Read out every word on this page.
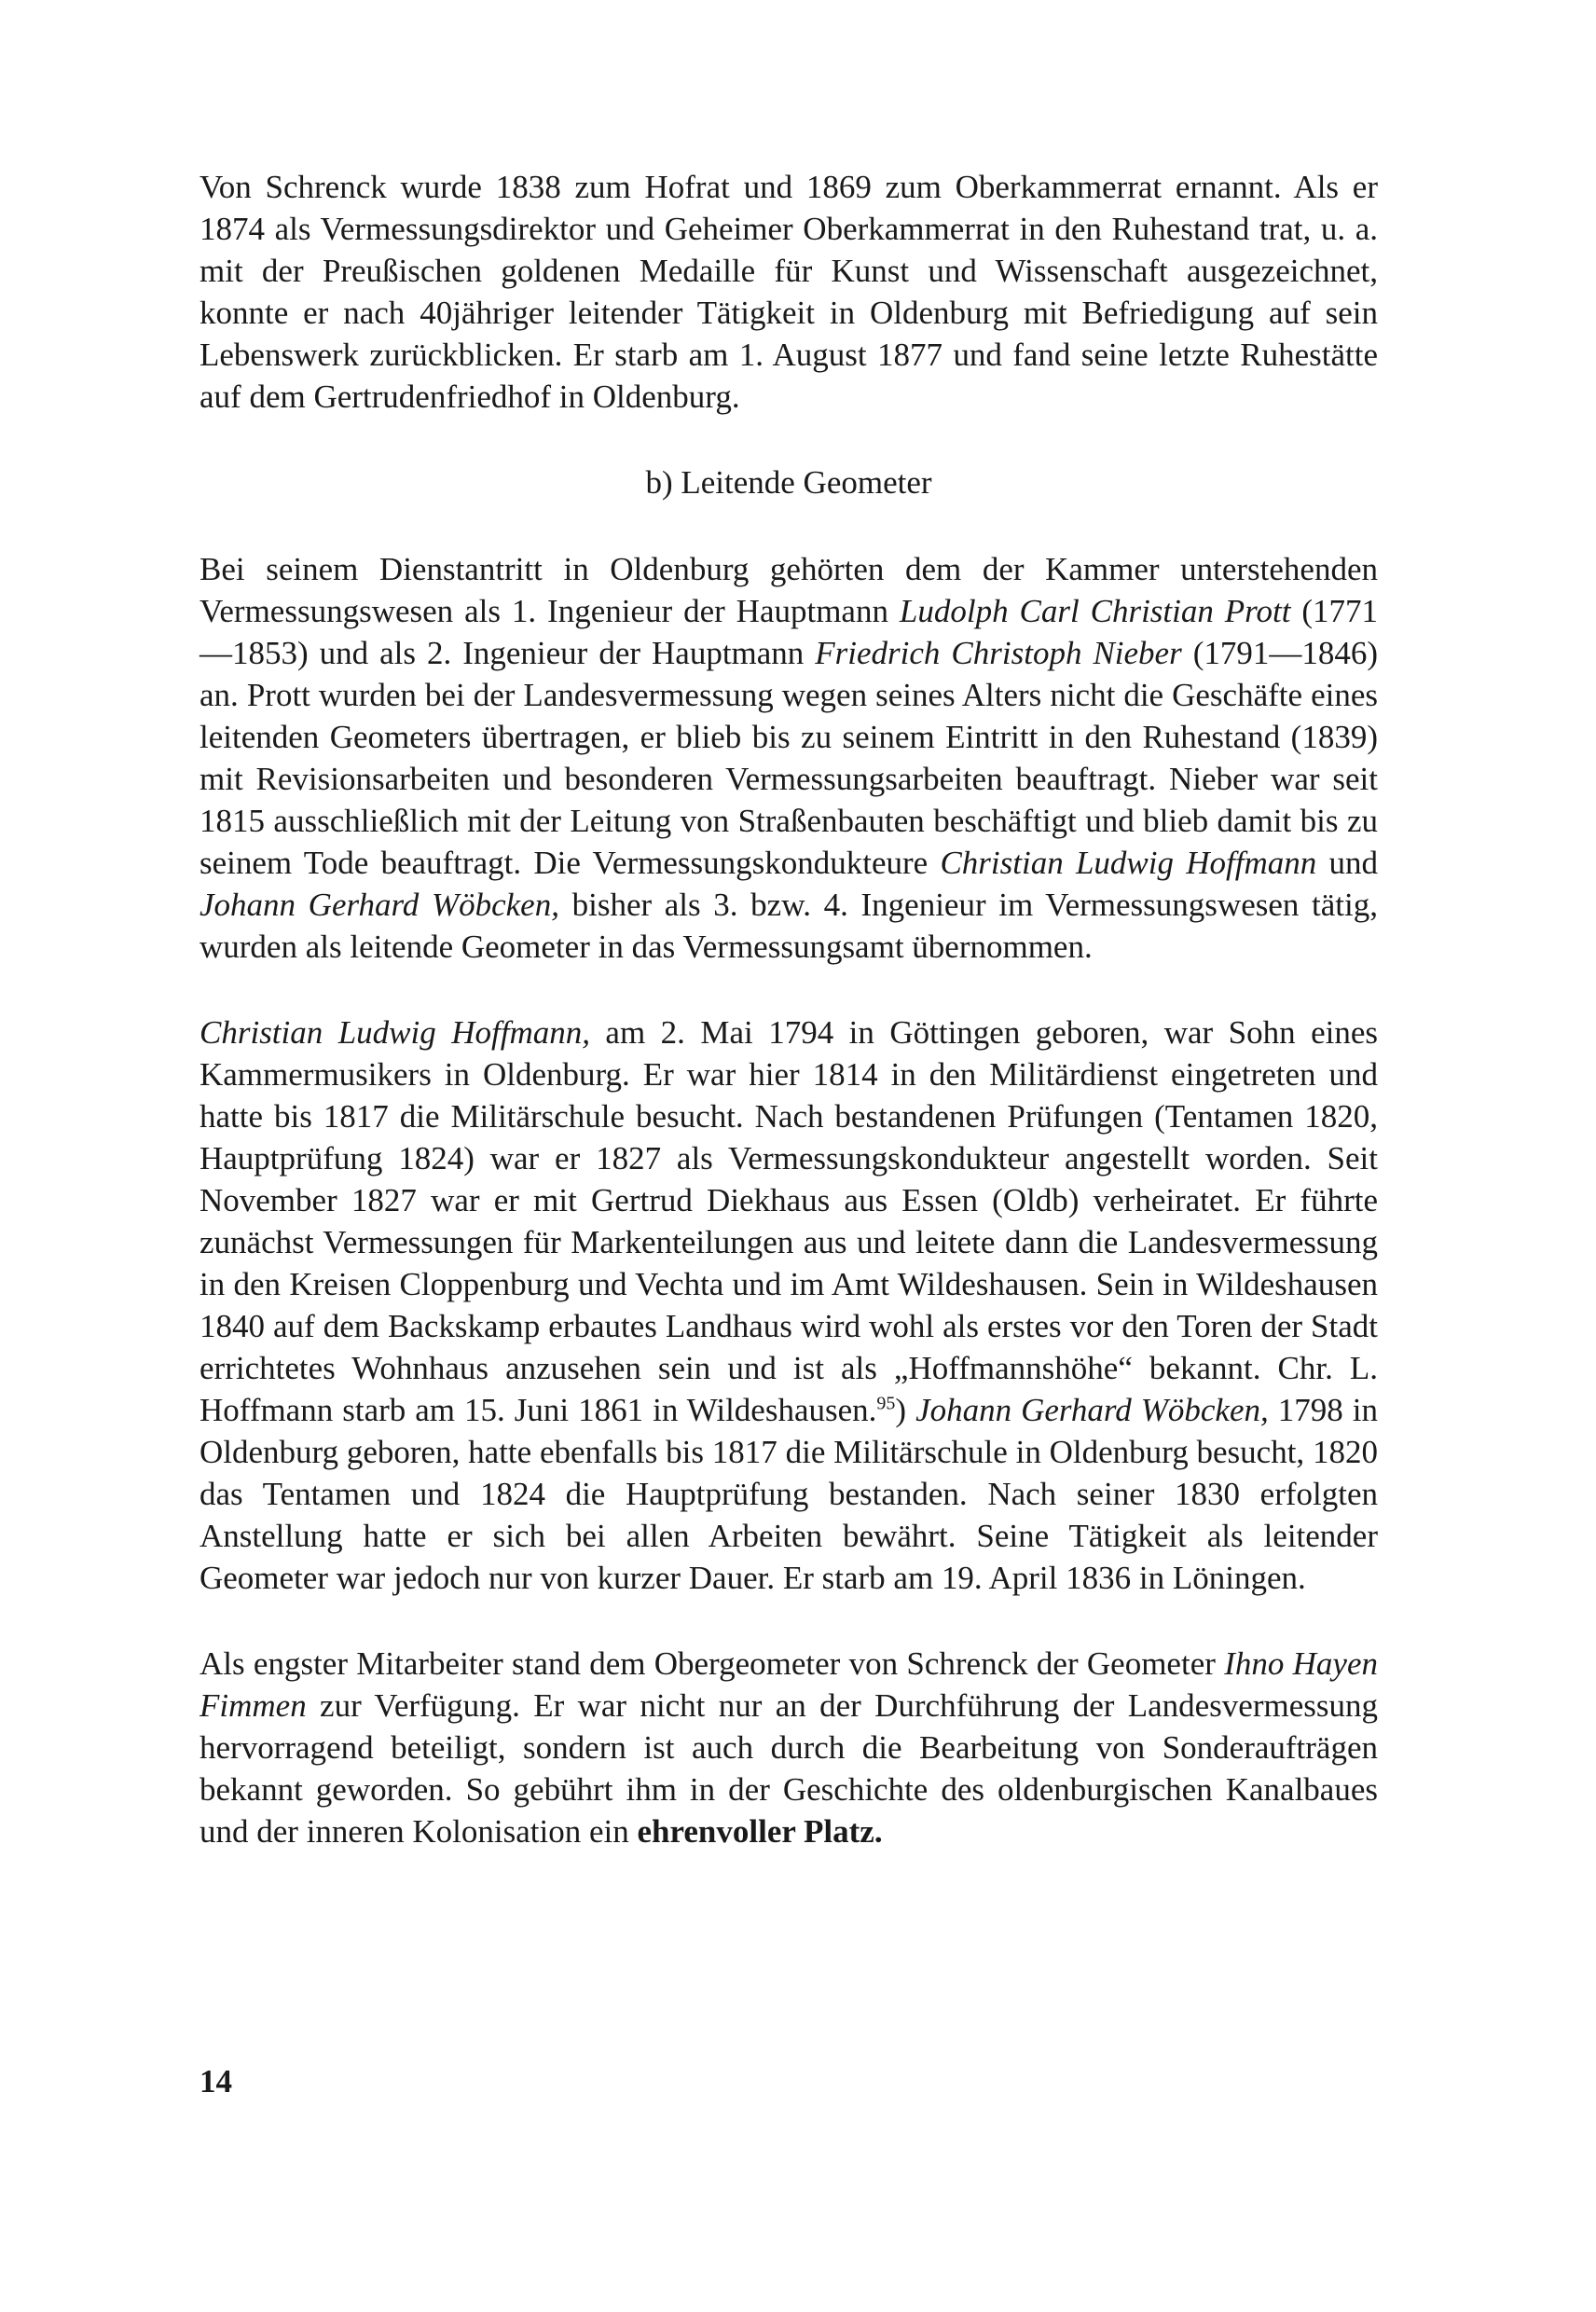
Von Schrenck wurde 1838 zum Hofrat und 1869 zum Oberkammerrat ernannt. Als er 1874 als Vermessungsdirektor und Geheimer Oberkammerrat in den Ruhestand trat, u. a. mit der Preußischen goldenen Medaille für Kunst und Wissenschaft ausgezeichnet, konnte er nach 40jähriger leitender Tätigkeit in Oldenburg mit Befriedigung auf sein Lebenswerk zurückblicken. Er starb am 1. August 1877 und fand seine letzte Ruhestätte auf dem Gertrudenfriedhof in Oldenburg.

b) Leitende Geometer

Bei seinem Dienstantritt in Oldenburg gehörten dem der Kammer unterstehenden Vermessungswesen als 1. Ingenieur der Hauptmann Ludolph Carl Christian Prott (1771—1853) und als 2. Ingenieur der Hauptmann Friedrich Christoph Nieber (1791—1846) an. Prott wurden bei der Landesvermessung wegen seines Alters nicht die Geschäfte eines leitenden Geometers übertragen, er blieb bis zu seinem Eintritt in den Ruhestand (1839) mit Revisionsarbeiten und besonderen Vermessungsarbeiten beauftragt. Nieber war seit 1815 ausschließlich mit der Leitung von Straßenbauten beschäftigt und blieb damit bis zu seinem Tode beauftragt. Die Vermessungskondukteure Christian Ludwig Hoffmann und Johann Gerhard Wöbcken, bisher als 3. bzw. 4. Ingenieur im Vermessungswesen tätig, wurden als leitende Geometer in das Vermessungsamt übernommen.

Christian Ludwig Hoffmann, am 2. Mai 1794 in Göttingen geboren, war Sohn eines Kammermusikers in Oldenburg. Er war hier 1814 in den Militärdienst eingetreten und hatte bis 1817 die Militärschule besucht. Nach bestandenen Prüfungen (Tentamen 1820, Hauptprüfung 1824) war er 1827 als Vermessungskondukteur angestellt worden. Seit November 1827 war er mit Gertrud Diekhaus aus Essen (Oldb) verheiratet. Er führte zunächst Vermessungen für Markenteilungen aus und leitete dann die Landesvermessung in den Kreisen Cloppenburg und Vechta und im Amt Wildeshausen. Sein in Wildeshausen 1840 auf dem Backskamp erbautes Landhaus wird wohl als erstes vor den Toren der Stadt errichtetes Wohnhaus anzusehen sein und ist als „Hoffmannshöhe“ bekannt. Chr. L. Hoffmann starb am 15. Juni 1861 in Wildeshausen.$^{95}$) Johann Gerhard Wöbcken, 1798 in Oldenburg geboren, hatte ebenfalls bis 1817 die Militärschule in Oldenburg besucht, 1820 das Tentamen und 1824 die Hauptprüfung bestanden. Nach seiner 1830 erfolgten Anstellung hatte er sich bei allen Arbeiten bewährt. Seine Tätigkeit als leitender Geometer war jedoch nur von kurzer Dauer. Er starb am 19. April 1836 in Löningen.

Als engster Mitarbeiter stand dem Obergeometer von Schrenck der Geometer Ihno Hayen Fimmen zur Verfügung. Er war nicht nur an der Durchführung der Landesvermessung hervorragend beteiligt, sondern ist auch durch die Bearbeitung von Sonderaufträgen bekannt geworden. So gebührt ihm in der Geschichte des oldenburgischen Kanalbaues und der inneren Kolonisation ein ehrenvoller Platz.

14
